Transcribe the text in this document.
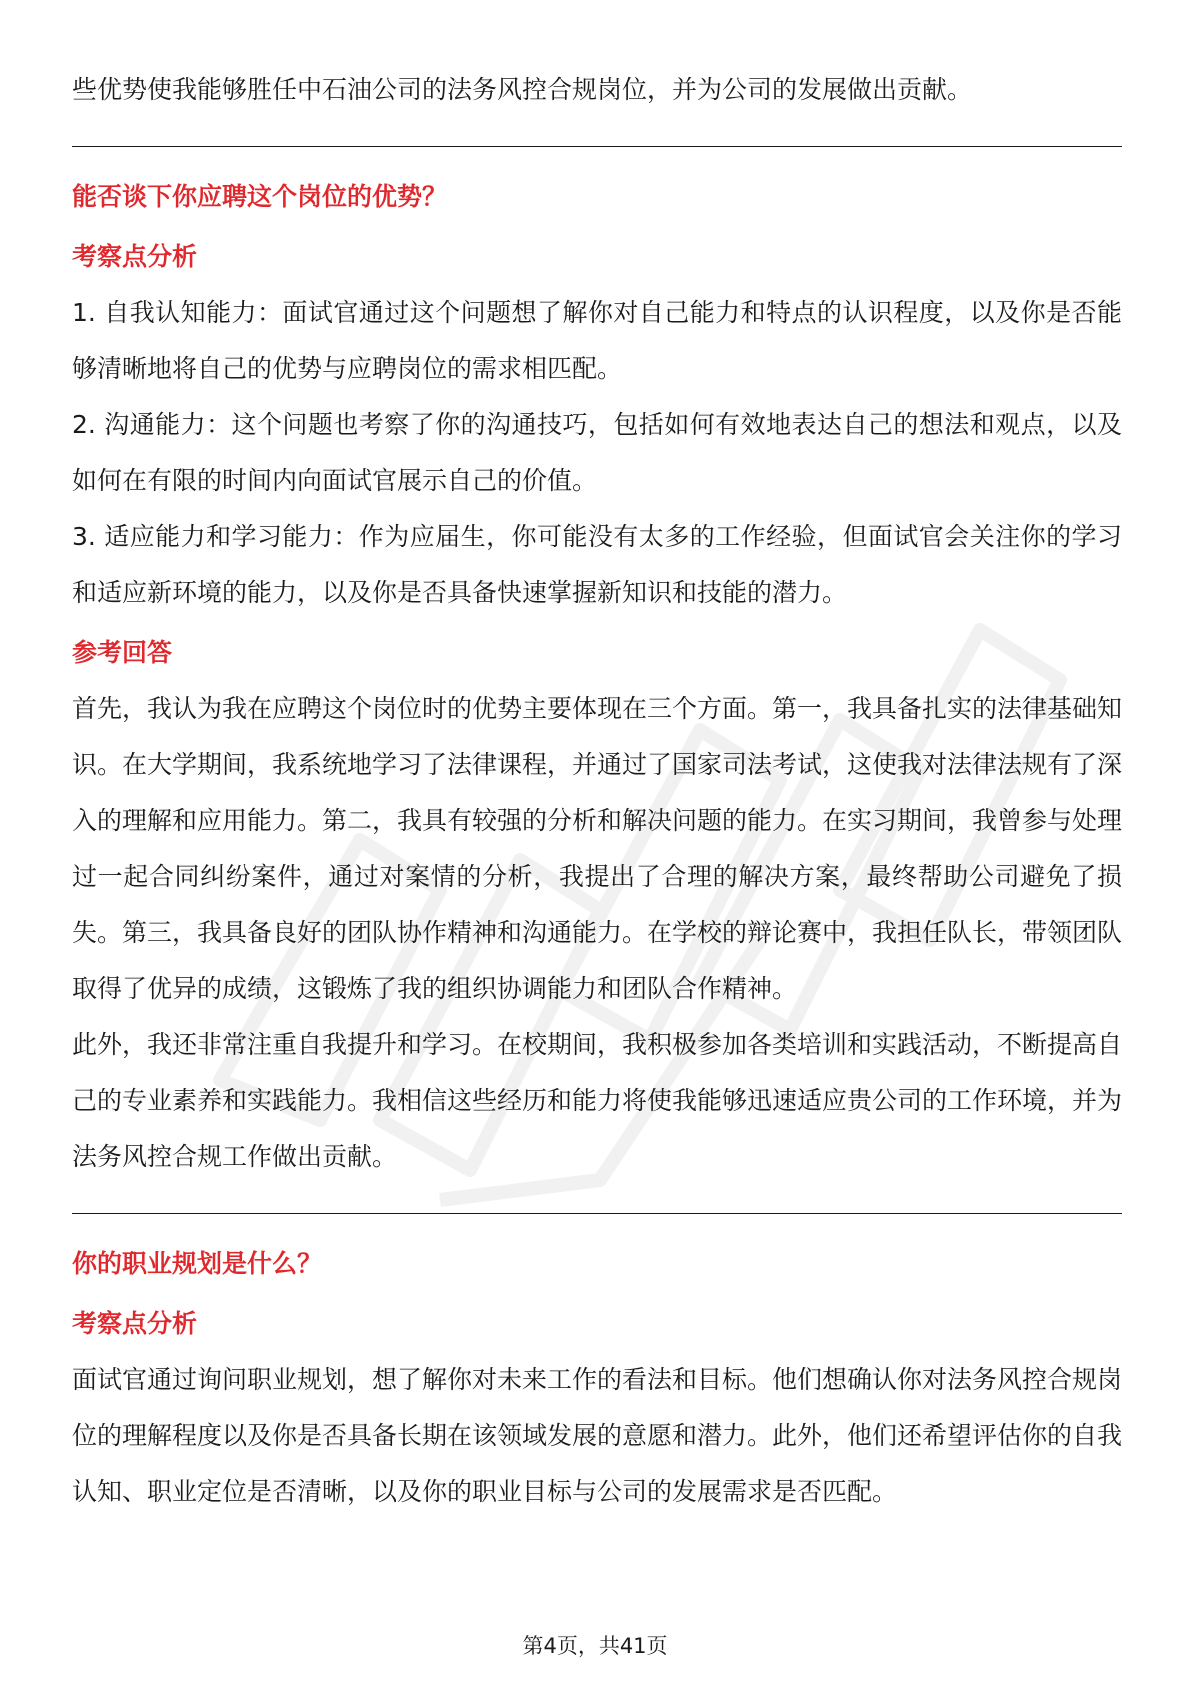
些优势使我能够胜任中石油公司的法务风控合规岗位，并为公司的发展做出贡献。

能否谈下你应聘这个岗位的优势？
考察点分析

1. 自我认知能力：面试官通过这个问题想了解你对自己能力和特点的认识程度，以及你是否能够清晰地将自己的优势与应聘岗位的需求相匹配。

2. 沟通能力：这个问题也考察了你的沟通技巧，包括如何有效地表达自己的想法和观点，以及如何在有限的时间内向面试官展示自己的价值。

3. 适应能力和学习能力：作为应届生，你可能没有太多的工作经验，但面试官会关注你的学习和适应新环境的能力，以及你是否具备快速掌握新知识和技能的潜力。

参考回答

首先，我认为我在应聘这个岗位时的优势主要体现在三个方面。第一，我具备扎实的法律基础知识。在大学期间，我系统地学习了法律课程，并通过了国家司法考试，这使我对法律法规有了深入的理解和应用能力。第二，我具有较强的分析和解决问题的能力。在实习期间，我曾参与处理过一起合同纠纷案件，通过对案情的分析，我提出了合理的解决方案，最终帮助公司避免了损失。第三，我具备良好的团队协作精神和沟通能力。在学校的辩论赛中，我担任队长，带领团队取得了优异的成绩，这锻炼了我的组织协调能力和团队合作精神。

此外，我还非常注重自我提升和学习。在校期间，我积极参加各类培训和实践活动，不断提高自己的专业素养和实践能力。我相信这些经历和能力将使我能够迅速适应贵公司的工作环境，并为法务风控合规工作做出贡献。

你的职业规划是什么？
考察点分析

面试官通过询问职业规划，想了解你对未来工作的看法和目标。他们想确认你对法务风控合规岗位的理解程度以及你是否具备长期在该领域发展的意愿和潜力。此外，他们还希望评估你的自我认知、职业定位是否清晰，以及你的职业目标与公司的发展需求是否匹配。

第4页，共41页
